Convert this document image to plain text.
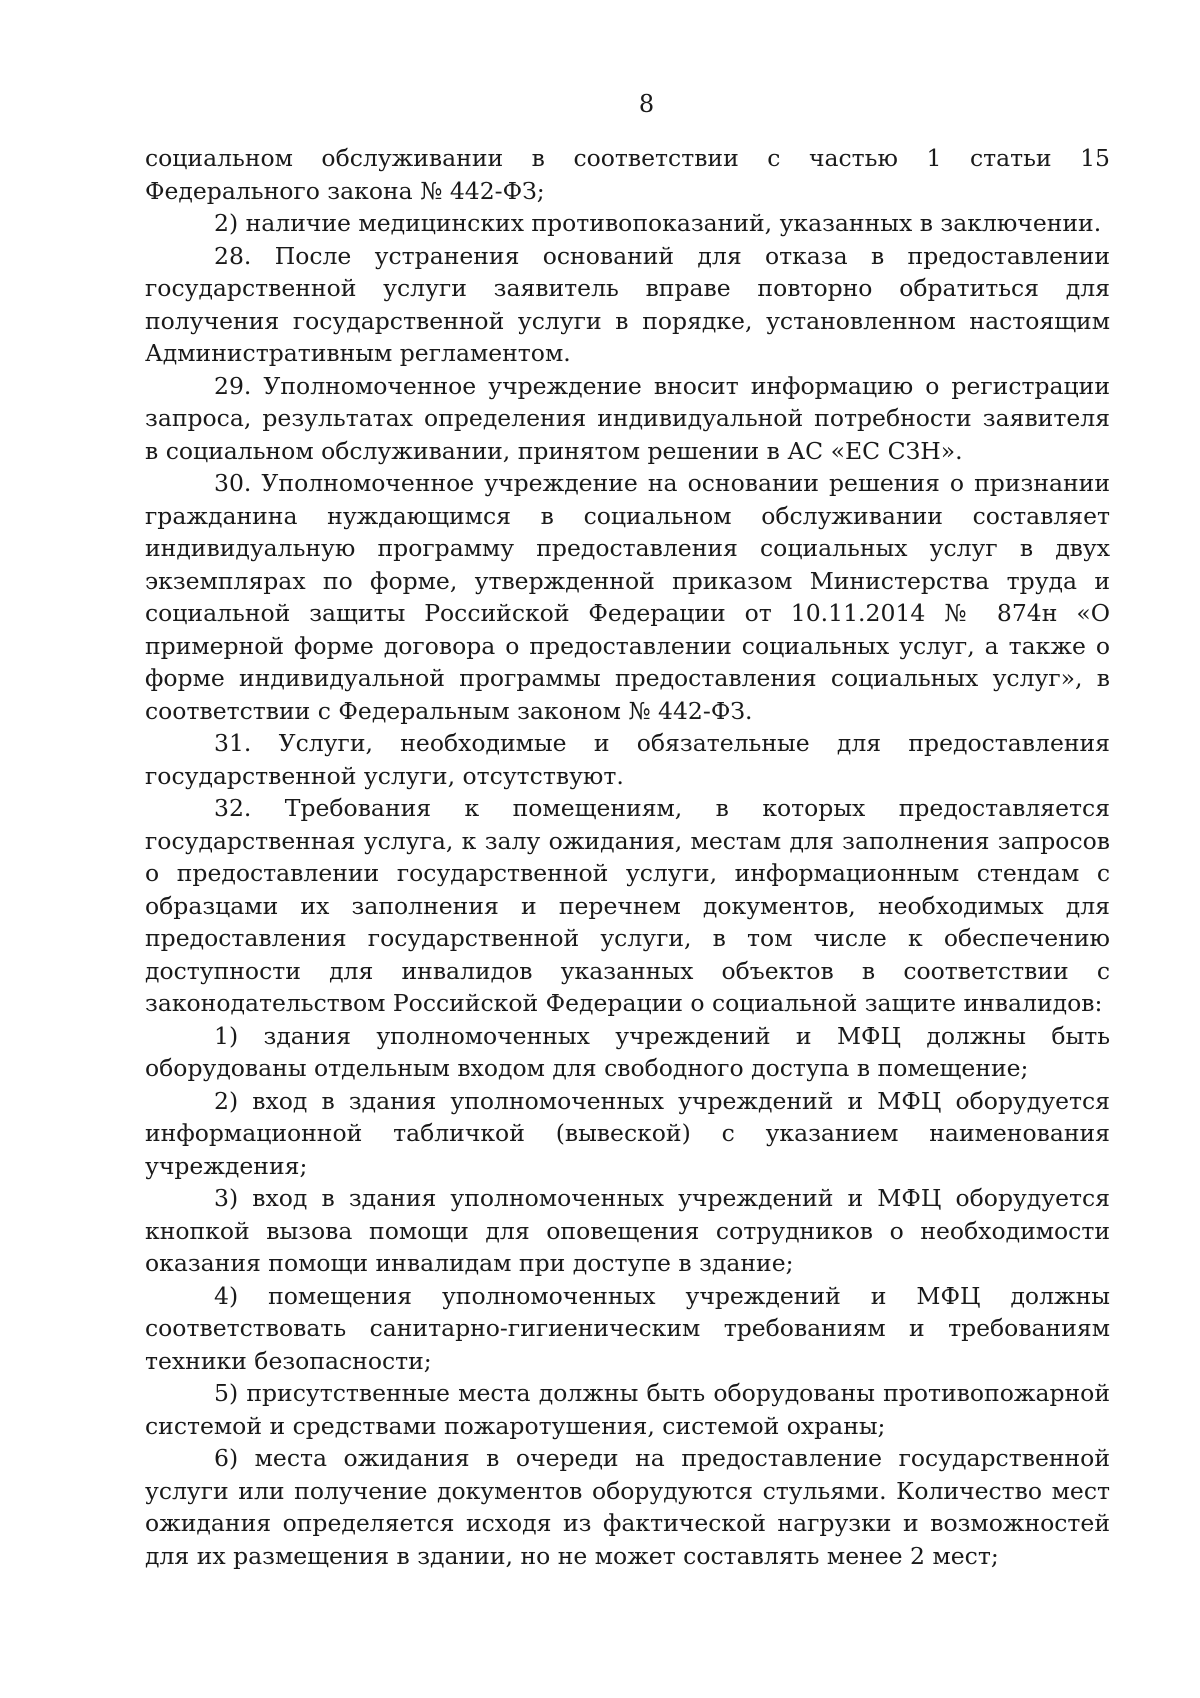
8

социальном обслуживании в соответствии с частью 1 статьи 15 Федерального закона № 442-ФЗ;

2) наличие медицинских противопоказаний, указанных в заключении.

28. После устранения оснований для отказа в предоставлении государственной услуги заявитель вправе повторно обратиться для получения государственной услуги в порядке, установленном настоящим Административным регламентом.

29. Уполномоченное учреждение вносит информацию о регистрации запроса, результатах определения индивидуальной потребности заявителя в социальном обслуживании, принятом решении в АС «ЕС СЗН».

30. Уполномоченное учреждение на основании решения о признании гражданина нуждающимся в социальном обслуживании составляет индивидуальную программу предоставления социальных услуг в двух экземплярах по форме, утвержденной приказом Министерства труда и социальной защиты Российской Федерации от 10.11.2014 № 874н «О примерной форме договора о предоставлении социальных услуг, а также о форме индивидуальной программы предоставления социальных услуг», в соответствии с Федеральным законом № 442-ФЗ.

31. Услуги, необходимые и обязательные для предоставления государственной услуги, отсутствуют.

32. Требования к помещениям, в которых предоставляется государственная услуга, к залу ожидания, местам для заполнения запросов о предоставлении государственной услуги, информационным стендам с образцами их заполнения и перечнем документов, необходимых для предоставления государственной услуги, в том числе к обеспечению доступности для инвалидов указанных объектов в соответствии с законодательством Российской Федерации о социальной защите инвалидов:

1) здания уполномоченных учреждений и МФЦ должны быть оборудованы отдельным входом для свободного доступа в помещение;

2) вход в здания уполномоченных учреждений и МФЦ оборудуется информационной табличкой (вывеской) с указанием наименования учреждения;

3) вход в здания уполномоченных учреждений и МФЦ оборудуется кнопкой вызова помощи для оповещения сотрудников о необходимости оказания помощи инвалидам при доступе в здание;

4) помещения уполномоченных учреждений и МФЦ должны соответствовать санитарно-гигиеническим требованиям и требованиям техники безопасности;

5) присутственные места должны быть оборудованы противопожарной системой и средствами пожаротушения, системой охраны;

6) места ожидания в очереди на предоставление государственной услуги или получение документов оборудуются стульями. Количество мест ожидания определяется исходя из фактической нагрузки и возможностей для их размещения в здании, но не может составлять менее 2 мест;
